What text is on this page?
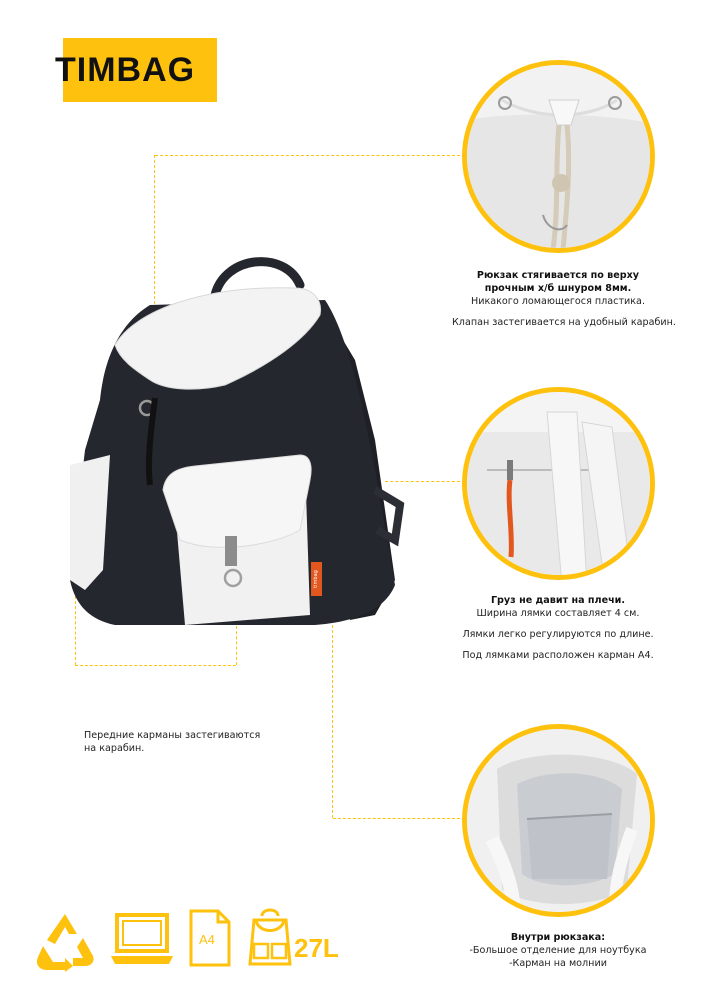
TIMBAG
timbag

Рюкзак стягивается по верху прочным х/б шнуром 8мм.

Никакого ломающегося пластика.

Клапан застегивается на удобный карабин.

Груз не давит на плечи.

Ширина лямки составляет 4 см.

Лямки легко регулируются по длине.

Под лямками расположен карман А4.

Внутри рюкзака:

-Большое отделение для ноутбука

-Карман на молнии

Передние карманы застегиваются

на карабин.

A4	27L
